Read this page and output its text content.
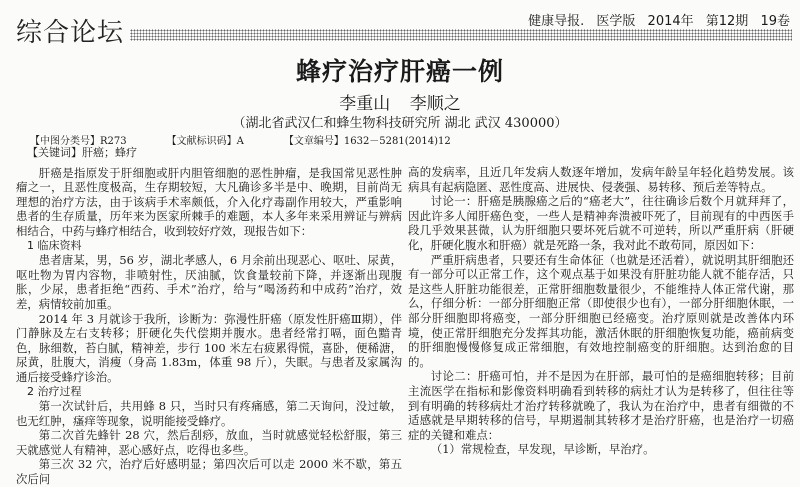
综合论坛	健康导报. 医学版 2014年 第12期 19卷
蜂疗治疗肝癌一例
李重山 李顺之
（湖北省武汉仁和蜂生物科技研究所 湖北 武汉 430000）
【中图分类号】R273	【文献标识码】A	【文章编号】1632－5281(2014)12

【关键词】肝癌；蜂疗

肝癌是指原发于肝细胞或肝内胆管细胞的恶性肿瘤，是我国常见恶性肿瘤之一，且恶性度极高，生存期较短，大凡确诊多半是中、晚期，目前尚无理想的治疗方法，由于该病手术率颇低，介入化疗毒副作用较大，严重影响患者的生存质量，历年来为医家所棘手的难题，本人多年来采用辨证与辨病相结合，中药与蜂疗相结合，收到较好疗效，现报告如下：

1 临床资料

患者唐某，男，56 岁，湖北孝感人，6 月余前出现恶心、呕吐、尿黄，呕吐物为胃内容物，非喷射性，厌油腻，饮食量较前下降，并逐渐出现腹胀，少尿，患者拒绝“西药、手术”治疗，给与“喝汤药和中成药”治疗，效差，病情较前加重。

2014 年 3 月就诊于我所，诊断为：弥漫性肝癌（原发性肝癌Ⅲ期），伴门静脉及左右支转移；肝硬化失代偿期并腹水。患者经常打嗝，面色黯青色，脉细数，苔白腻，精神差，步行 100 米左右疲累得慌，喜卧，便稀溏，尿黄，肚腹大，消瘦（身高 1.83m，体重 98 斤），失眠。与患者及家属沟通后接受蜂疗诊治。

2 治疗过程

第一次试针后，共用蜂 8 只，当时只有疼痛感，第二天询问，没过敏，也无红肿，瘙痒等现象，说明能接受蜂疗。

第二次首先蜂针 28 穴，然后刮痧，放血，当时就感觉轻松舒服，第三天就感觉人有精神，恶心感好点，吃得也多些。

第三次 32 穴，治疗后好感明显；第四次后可以走 2000 米不歇，第五次后问

高的发病率，且近几年发病人数逐年增加，发病年龄呈年轻化趋势发展。该病具有起病隐匿、恶性度高、进展快、侵袭强、易转移、预后差等特点。

讨论一：肝癌是胰腺癌之后的“癌老大”，往往确诊后数个月就拜拜了，因此许多人闻肝癌色变，一些人是精神奔溃被吓死了，目前现有的中西医手段几乎效果甚微，认为肝细胞只要坏死后就不可逆转，所以严重肝病（肝硬化，肝硬化腹水和肝癌）就是死路一条，我对此不敢苟同，原因如下：

严重肝病患者，只要还有生命体征（也就是还活着），就说明其肝细胞还有一部分可以正常工作，这个观点基于如果没有肝脏功能人就不能存活，只是这些人肝脏功能很差，正常肝细胞数量很少，不能维持人体正常代谢，那么，仔细分析：一部分肝细胞正常（即使很少也有），一部分肝细胞休眠，一部分肝细胞即将癌变，一部分肝细胞已经癌变。治疗原则就是改善体内环境，使正常肝细胞充分发挥其功能，激活休眠的肝细胞恢复功能，癌前病变的肝细胞慢慢修复成正常细胞，有效地控制癌变的肝细胞。达到治愈的目的。

讨论二：肝癌可怕，并不是因为在肝部，最可怕的是癌细胞转移；目前主流医学在指标和影像资料明确看到转移的病灶才认为是转移了，但往往等到有明确的转移病灶才治疗转移就晚了，我认为在治疗中，患者有细微的不适感就是早期转移的信号，早期遏制其转移才是治疗肝癌，也是治疗一切癌症的关键和难点：

（1）常规检查，早发现，早诊断，早治疗。
